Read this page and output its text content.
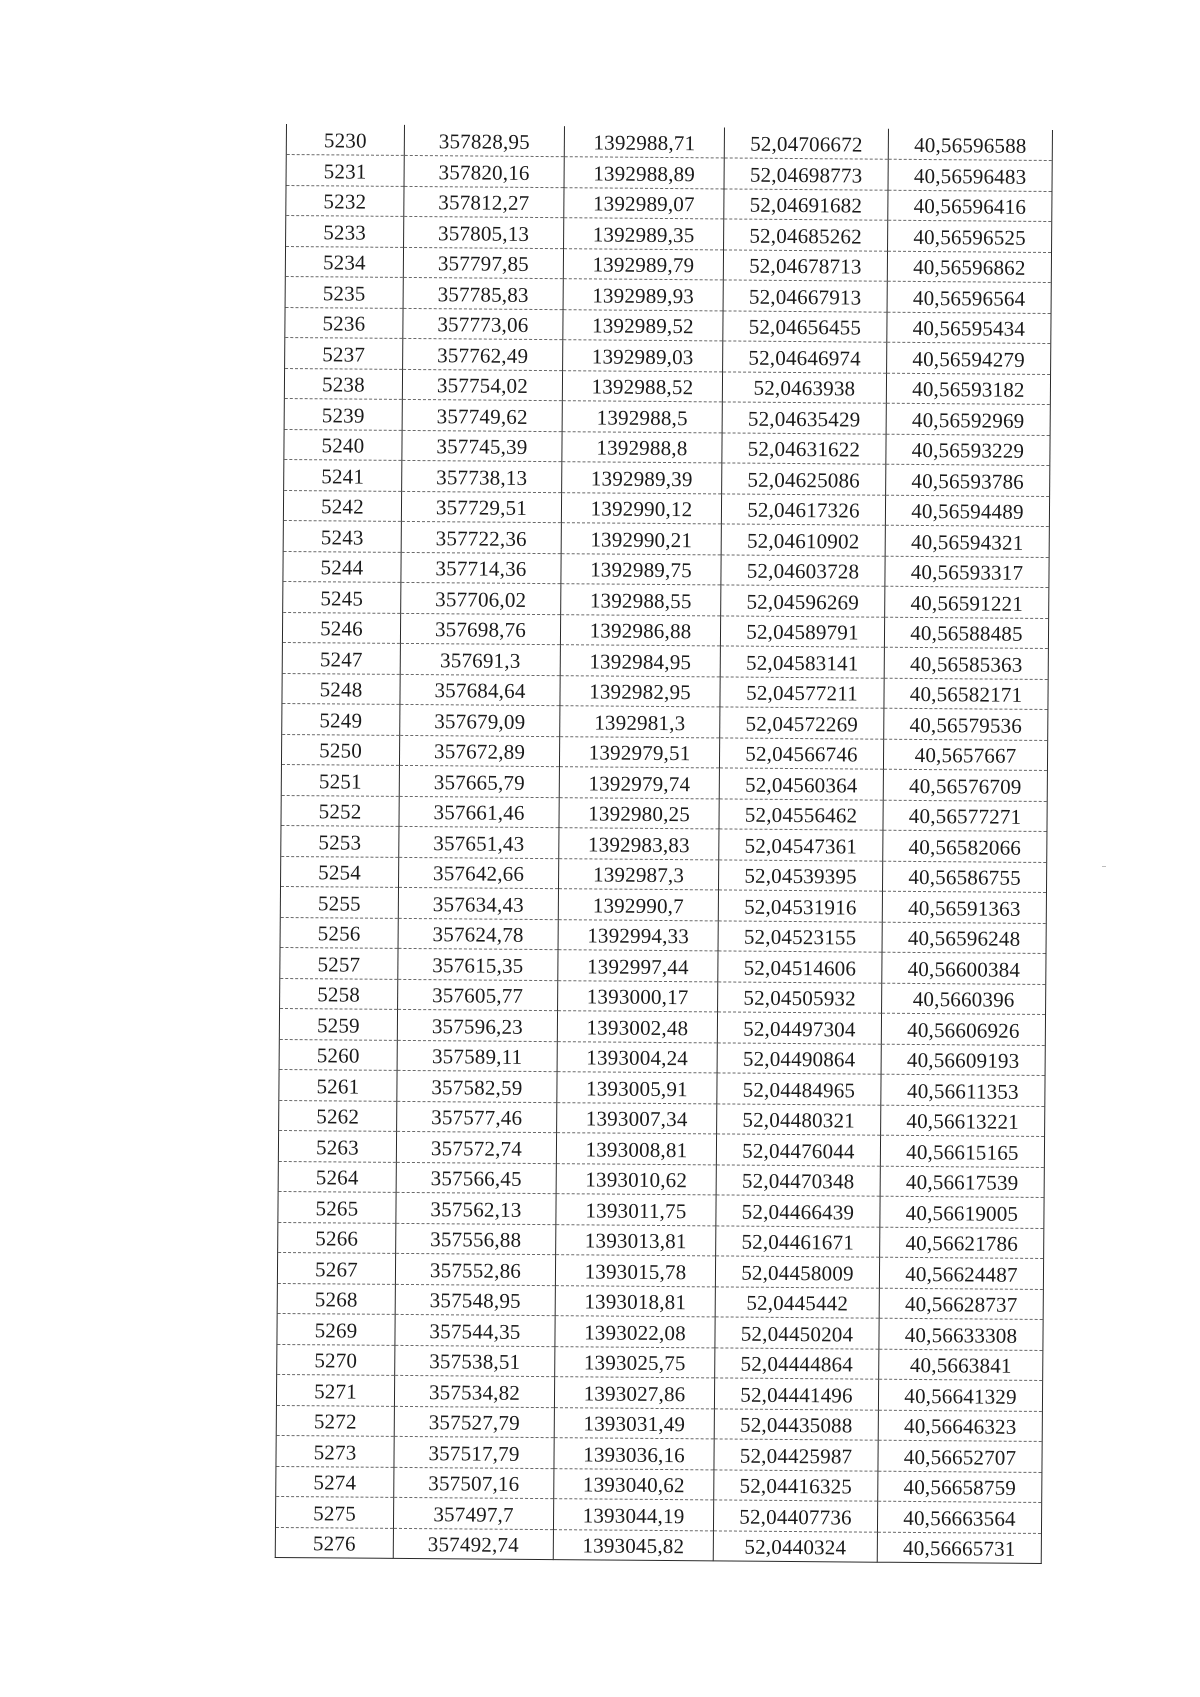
5230	357828,95	1392988,71	52,04706672	40,56596588
5231	357820,16	1392988,89	52,04698773	40,56596483
5232	357812,27	1392989,07	52,04691682	40,56596416
5233	357805,13	1392989,35	52,04685262	40,56596525
5234	357797,85	1392989,79	52,04678713	40,56596862
5235	357785,83	1392989,93	52,04667913	40,56596564
5236	357773,06	1392989,52	52,04656455	40,56595434
5237	357762,49	1392989,03	52,04646974	40,56594279
5238	357754,02	1392988,52	52,0463938	40,56593182
5239	357749,62	1392988,5	52,04635429	40,56592969
5240	357745,39	1392988,8	52,04631622	40,56593229
5241	357738,13	1392989,39	52,04625086	40,56593786
5242	357729,51	1392990,12	52,04617326	40,56594489
5243	357722,36	1392990,21	52,04610902	40,56594321
5244	357714,36	1392989,75	52,04603728	40,56593317
5245	357706,02	1392988,55	52,04596269	40,56591221
5246	357698,76	1392986,88	52,04589791	40,56588485
5247	357691,3	1392984,95	52,04583141	40,56585363
5248	357684,64	1392982,95	52,04577211	40,56582171
5249	357679,09	1392981,3	52,04572269	40,56579536
5250	357672,89	1392979,51	52,04566746	40,5657667
5251	357665,79	1392979,74	52,04560364	40,56576709
5252	357661,46	1392980,25	52,04556462	40,56577271
5253	357651,43	1392983,83	52,04547361	40,56582066
5254	357642,66	1392987,3	52,04539395	40,56586755
5255	357634,43	1392990,7	52,04531916	40,56591363
5256	357624,78	1392994,33	52,04523155	40,56596248
5257	357615,35	1392997,44	52,04514606	40,56600384
5258	357605,77	1393000,17	52,04505932	40,5660396
5259	357596,23	1393002,48	52,04497304	40,56606926
5260	357589,11	1393004,24	52,04490864	40,56609193
5261	357582,59	1393005,91	52,04484965	40,56611353
5262	357577,46	1393007,34	52,04480321	40,56613221
5263	357572,74	1393008,81	52,04476044	40,56615165
5264	357566,45	1393010,62	52,04470348	40,56617539
5265	357562,13	1393011,75	52,04466439	40,56619005
5266	357556,88	1393013,81	52,04461671	40,56621786
5267	357552,86	1393015,78	52,04458009	40,56624487
5268	357548,95	1393018,81	52,0445442	40,56628737
5269	357544,35	1393022,08	52,04450204	40,56633308
5270	357538,51	1393025,75	52,04444864	40,5663841
5271	357534,82	1393027,86	52,04441496	40,56641329
5272	357527,79	1393031,49	52,04435088	40,56646323
5273	357517,79	1393036,16	52,04425987	40,56652707
5274	357507,16	1393040,62	52,04416325	40,56658759
5275	357497,7	1393044,19	52,04407736	40,56663564
5276	357492,74	1393045,82	52,0440324	40,56665731
